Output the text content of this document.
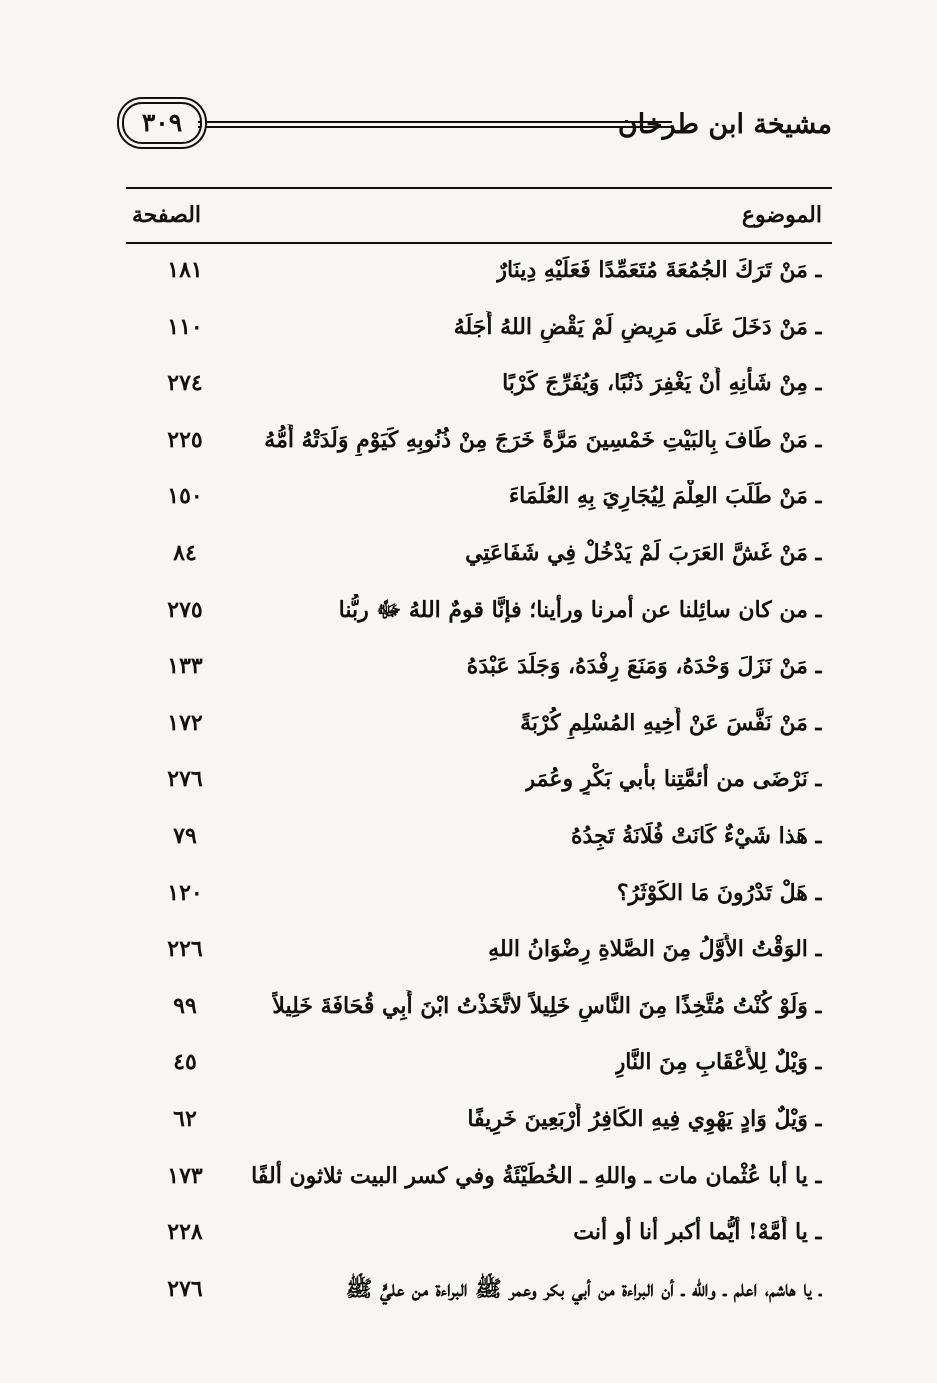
مشيخة ابن طرخان
٣٠٩
الموضوع
الصفحة
ـ مَنْ تَرَكَ الجُمُعَةَ مُتَعَمِّدًا فَعَلَيْهِ دِينَارٌ
١٨١
ـ مَنْ دَخَلَ عَلَى مَرِيضٍ لَمْ يَقْضِ اللهُ أَجَلَهُ
١١٠
ـ مِنْ شَأْنِهِ أَنْ يَغْفِرَ ذَنْبًا، وَيُفَرِّجَ كَرْبًا
٢٧٤
ـ مَنْ طَافَ بِالبَيْتِ خَمْسِينَ مَرَّةً خَرَجَ مِنْ ذُنُوبِهِ كَيَوْمِ وَلَدَتْهُ أُمُّهُ
٢٢٥
ـ مَنْ طَلَبَ العِلْمَ لِيُجَارِيَ بِهِ العُلَمَاءَ
١٥٠
ـ مَنْ غَشَّ العَرَبَ لَمْ يَدْخُلْ فِي شَفَاعَتِي
٨٤
ـ من كان سائِلنا عن أمرنا ورأينا؛ فإنَّا قومٌ اللهُ ﷻ ربُّنا
٢٧٥
ـ مَنْ نَزَلَ وَحْدَهُ، وَمَنَعَ رِفْدَهُ، وَجَلَدَ عَبْدَهُ
١٣٣
ـ مَنْ نَفَّسَ عَنْ أَخِيهِ المُسْلِمِ كُرْبَةً
١٧٢
ـ نَرْضَى من أئمَّتِنا بأبي بَكْرٍ وعُمَر
٢٧٦
ـ هَذا شَيْءٌ كَانَتْ فُلَانَةُ تَجِدُهُ
٧٩
ـ هَلْ تَدْرُونَ مَا الكَوْثَرُ؟
١٢٠
ـ الوَقْتُ الأَوَّلُ مِنَ الصَّلاةِ رِضْوَانُ اللهِ
٢٢٦
ـ وَلَوْ كُنْتُ مُتَّخِذًا مِنَ النَّاسِ خَلِيلاً لاتَّخَذْتُ ابْنَ أَبِي قُحَافَةَ خَلِيلاً
٩٩
ـ وَيْلٌ لِلأَعْقَابِ مِنَ النَّارِ
٤٥
ـ وَيْلٌ وَادٍ يَهْوِي فِيهِ الكَافِرُ أَرْبَعِينَ خَرِيفًا
٦٢
ـ يا أبا عُثْمان مات ـ واللهِ ـ الخُطَيْئَةُ وفي كسر البيت ثلاثون ألفًا
١٧٣
ـ يا أُمَّهْ! أيُّما أكبر أنا أو أنت
٢٢٨
ـ يا هاشم، اعلم ـ والله ـ أن البراءة من أبي بكر وعمر ﷺ البراءة من عليٍّ ﷺ
٢٧٦
